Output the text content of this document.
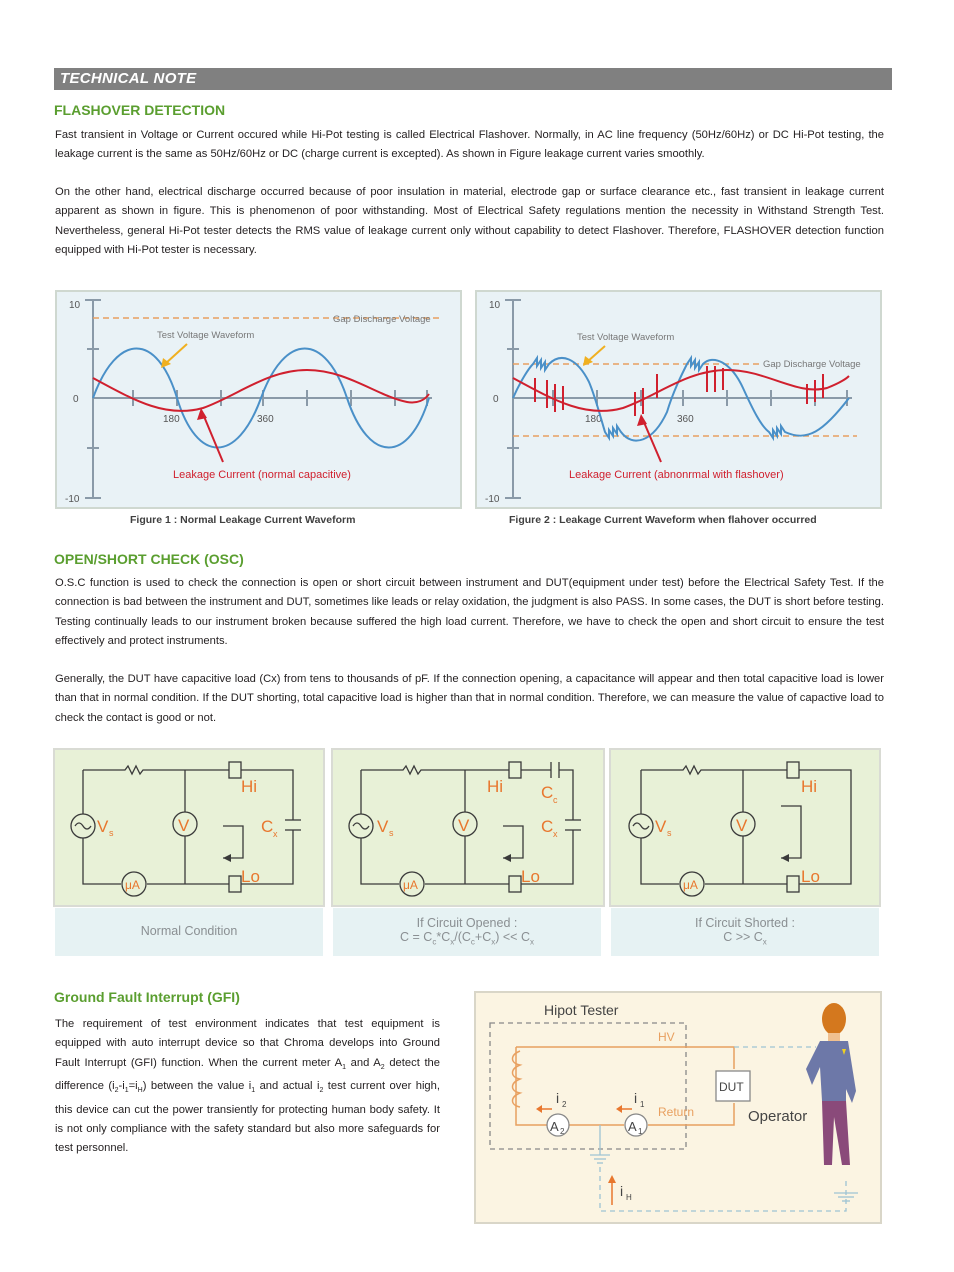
TECHNICAL NOTE
FLASHOVER DETECTION
Fast transient in Voltage or Current occured while Hi-Pot testing is called Electrical Flashover. Normally, in AC line frequency (50Hz/60Hz) or DC Hi-Pot testing, the leakage current is the same as 50Hz/60Hz or DC (charge current is excepted). As shown in Figure leakage current varies smoothly.
On the other hand, electrical discharge occurred because of poor insulation in material, electrode gap or surface clearance etc., fast transient in leakage current apparent as shown in figure. This is phenomenon of poor withstanding. Most of Electrical Safety regulations mention the necessity in Withstand Strength Test. Nevertheless, general Hi-Pot tester detects the RMS value of leakage current only without capability to detect Flashover. Therefore, FLASHOVER detection function equipped with Hi-Pot tester is necessary.
10
0
-10
180	360
Gap Discharge Voltage
Test Voltage Waveform
Leakage Current (normal capacitive)
Figure 1 : Normal Leakage Current Waveform
10
0
-10
180	360
Gap Discharge Voltage
Test Voltage Waveform
Leakage Current (abnonrmal with flashover)
Figure 2 : Leakage Current Waveform when flahover occurred
OPEN/SHORT CHECK (OSC)
O.S.C function is used to check the connection is open or short circuit between instrument and DUT(equipment under test) before the Electrical Safety Test. If the connection is bad between the instrument and DUT, sometimes like leads or relay oxidation, the judgment is also PASS. In some cases, the DUT is short before testing. Testing continually leads to our instrument broken because suffered the high load current. Therefore, we have to check the open and short circuit to ensure the test effectively and protect instruments.
Generally, the DUT have capacitive load (Cx) from tens to thousands of pF. If the connection opening, a capacitance will appear and then total capacitive load is lower than that in normal condition. If the DUT shorting, total capacitive load is higher than that in normal condition. Therefore, we can measure the value of capactive load to check the contact is good or not.
V s	V
μA
Hi
Lo
C x
Normal Condition
V s	V
μA
Hi
Lo
C c
C x
If Circuit Opened :
$C = C_c*C_x/(C_c+C_x) << C_x$
V s	V
μA
Hi
Lo
If Circuit Shorted :
$C >> C_x$
Ground Fault Interrupt (GFI)
The requirement of test environment indicates that test equipment is equipped with auto interrupt device so that Chroma develops into Ground Fault Interrupt (GFI) function. When the current meter $A_1$ and $A_2$ detect the difference $(i_2-i_1=i_H)$ between the value $i_1$ and actual $i_2$ test current over high, this device can cut the power transiently for protecting human body safety. It is not only compliance with the safety standard but also more safeguards for test personnel.
Hipot Tester
HV
DUT
Return	Operator
A 2	A 1
i 2	i 1
i H
